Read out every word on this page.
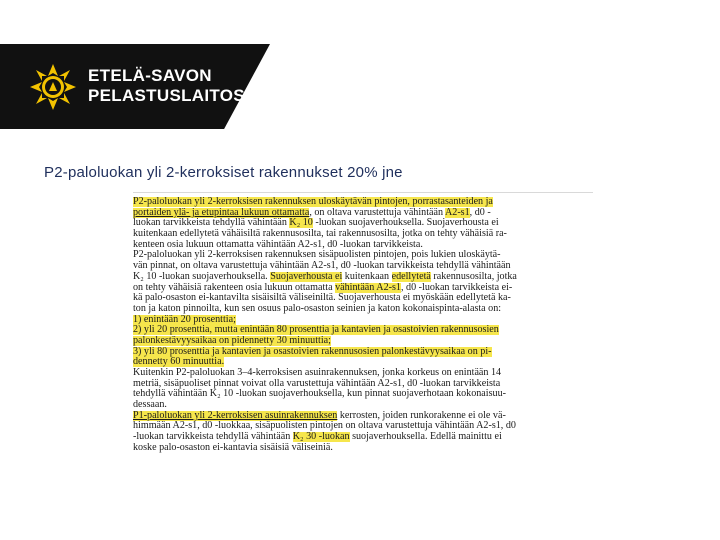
ETELÄ-SAVON
PELASTUSLAITOS
P2-paloluokan yli 2-kerroksiset rakennukset 20% jne
P2-paloluokan yli 2-kerroksisen rakennuksen uloskäytävän pintojen, porrastasanteiden ja
portaiden ylä- ja etupintaa lukuun ottamatta, on oltava varustettuja vähintään A2-s1, d0 -
luokan tarvikkeista tehdyllä vähintään K₂ 10 -luokan suojaverhouksella. Suojaverhousta ei
kuitenkaan edellytetä vähäisiltä rakennusosilta, tai rakennusosilta, jotka on tehty vähäisiä ra-
kenteen osia lukuun ottamatta vähintään A2-s1, d0 -luokan tarvikkeista.
P2-paloluokan yli 2-kerroksisen rakennuksen sisäpuolisten pintojen, pois lukien uloskäytä-
vän pinnat, on oltava varustettuja vähintään A2-s1, d0 -luokan tarvikkeista tehdyllä vähintään
K₂ 10 -luokan suojaverhouksella. Suojaverhousta ei kuitenkaan edellytetä rakennusosilta, jotka
on tehty vähäisiä rakenteen osia lukuun ottamatta vähintään A2-s1, d0 -luokan tarvikkeista ei-
kä palo-osaston ei-kantavilta sisäisiltä väliseiniltä. Suojaverhousta ei myöskään edellytetä ka-
ton ja katon pinnoilta, kun sen osuus palo-osaston seinien ja katon kokonaispinta-alasta on:
1) enintään 20 prosenttia;
2) yli 20 prosenttia, mutta enintään 80 prosenttia ja kantavien ja osastoivien rakennusosien
palonkestävyysaikaa on pidennetty 30 minuuttia;
3) yli 80 prosenttia ja kantavien ja osastoivien rakennusosien palonkestävyysaikaa on pi-
dennetty 60 minuuttia.
Kuitenkin P2-paloluokan 3–4-kerroksisen asuinrakennuksen, jonka korkeus on enintään 14
metriä, sisäpuoliset pinnat voivat olla varustettuja vähintään A2-s1, d0 -luokan tarvikkeista
tehdyllä vähintään K₂ 10 -luokan suojaverhouksella, kun pinnat suojaverhotaan kokonaisuu-
dessaan.
P1-paloluokan yli 2-kerroksisen asuinrakennuksen kerrosten, joiden runkorakenne ei ole vä-
himmään A2-s1, d0 -luokkaa, sisäpuolisten pintojen on oltava varustettuja vähintään A2-s1, d0
-luokan tarvikkeista tehdyllä vähintään K₂ 30 -luokan suojaverhouksella. Edellä mainittu ei
koske palo-osaston ei-kantavia sisäisiä väliseiniä.
